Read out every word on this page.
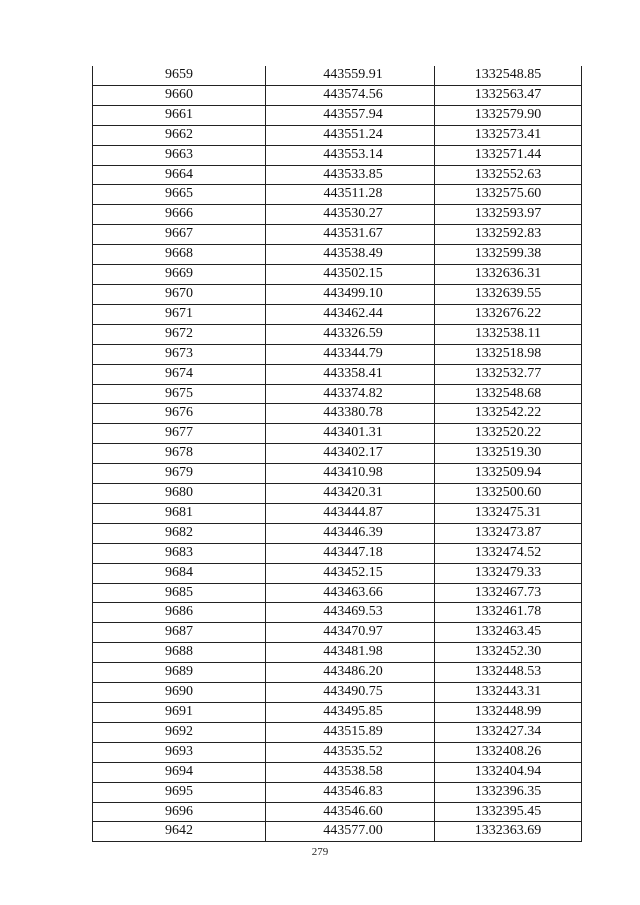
9659	443559.91	1332548.85
9660	443574.56	1332563.47
9661	443557.94	1332579.90
9662	443551.24	1332573.41
9663	443553.14	1332571.44
9664	443533.85	1332552.63
9665	443511.28	1332575.60
9666	443530.27	1332593.97
9667	443531.67	1332592.83
9668	443538.49	1332599.38
9669	443502.15	1332636.31
9670	443499.10	1332639.55
9671	443462.44	1332676.22
9672	443326.59	1332538.11
9673	443344.79	1332518.98
9674	443358.41	1332532.77
9675	443374.82	1332548.68
9676	443380.78	1332542.22
9677	443401.31	1332520.22
9678	443402.17	1332519.30
9679	443410.98	1332509.94
9680	443420.31	1332500.60
9681	443444.87	1332475.31
9682	443446.39	1332473.87
9683	443447.18	1332474.52
9684	443452.15	1332479.33
9685	443463.66	1332467.73
9686	443469.53	1332461.78
9687	443470.97	1332463.45
9688	443481.98	1332452.30
9689	443486.20	1332448.53
9690	443490.75	1332443.31
9691	443495.85	1332448.99
9692	443515.89	1332427.34
9693	443535.52	1332408.26
9694	443538.58	1332404.94
9695	443546.83	1332396.35
9696	443546.60	1332395.45
9642	443577.00	1332363.69
279
